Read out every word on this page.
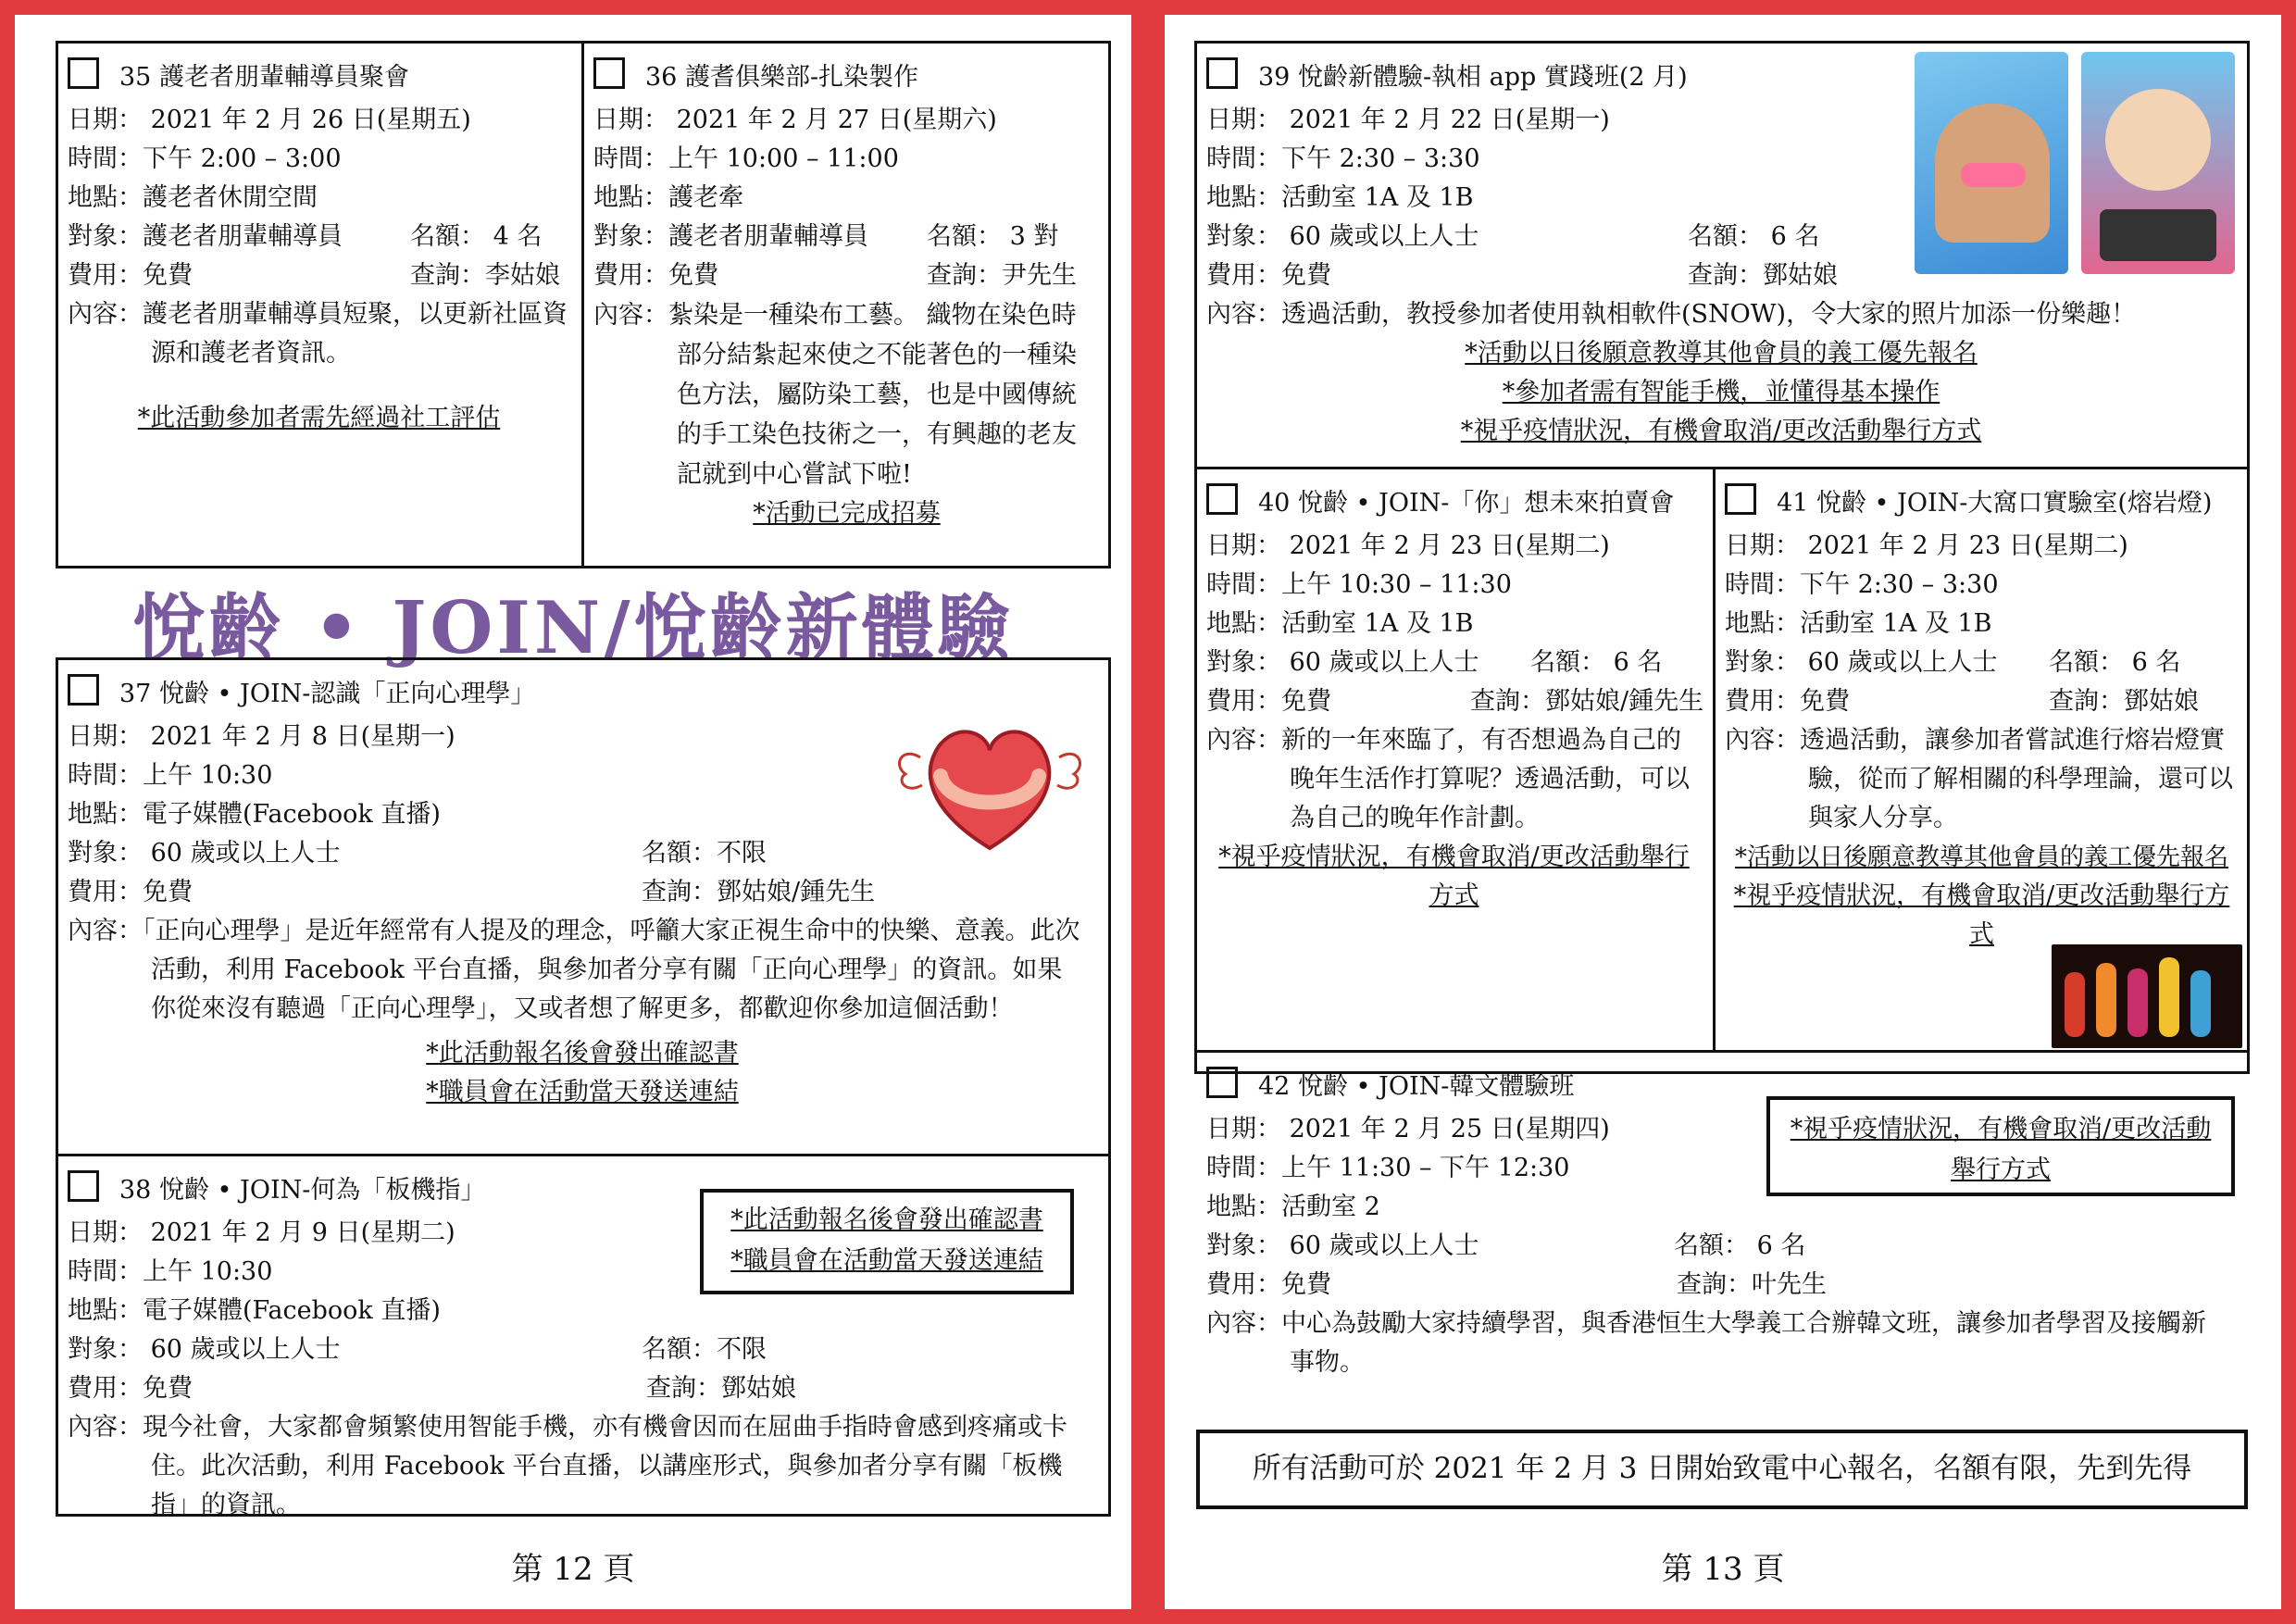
35 護老者朋輩輔導員聚會
日期： 2021 年 2 月 26 日(星期五)
時間：下午 2:00 – 3:00
地點：護老者休閒空間
對象：護老者朋輩輔導員	名額： 4 名
費用：免費	查詢：李姑娘
內容：護老者朋輩輔導員短聚，以更新社區資源和護老者資訊。
*此活動參加者需先經過社工評估
36 護耆俱樂部-扎染製作
日期： 2021 年 2 月 27 日(星期六)
時間：上午 10:00 – 11:00
地點：護老牽
對象：護老者朋輩輔導員 名額： 3 對
費用：免費	查詢：尹先生
內容：紮染是一種染布工藝。 織物在染色時部分結紮起來使之不能著色的一種染色方法，屬防染工藝，也是中國傳統的手工染色技術之一，有興趣的老友記就到中心嘗試下啦!
*活動已完成招募
悅齡 • JOIN/悅齡新體驗
37 悅齡 • JOIN-認識「正向心理學」
日期： 2021 年 2 月 8 日(星期一)
時間：上午 10:30
地點：電子媒體(Facebook 直播)
對象： 60 歲或以上人士	名額：不限
費用：免費	查詢：鄧姑娘/鍾先生
內容：「正向心理學」是近年經常有人提及的理念，呼籲大家正視生命中的快樂、意義。此次活動，利用 Facebook 平台直播，與參加者分享有關「正向心理學」的資訊。如果你從來沒有聽過「正向心理學」，又或者想了解更多，都歡迎你參加這個活動！
*此活動報名後會發出確認書
*職員會在活動當天發送連結
38 悅齡 • JOIN-何為「板機指」
日期： 2021 年 2 月 9 日(星期二)
時間：上午 10:30
地點：電子媒體(Facebook 直播)
對象： 60 歲或以上人士	名額：不限
費用：免費	查詢：鄧姑娘
內容：現今社會，大家都會頻繁使用智能手機，亦有機會因而在屈曲手指時會感到疼痛或卡住。此次活動，利用 Facebook 平台直播，以講座形式，與參加者分享有關「板機指」的資訊。
*此活動報名後會發出確認書
*職員會在活動當天發送連結
第 12 頁
39 悅齡新體驗-執相 app 實踐班(2 月)
日期： 2021 年 2 月 22 日(星期一)
時間：下午 2:30 – 3:30
地點：活動室 1A 及 1B
對象： 60 歲或以上人士	名額： 6 名
費用：免費	查詢：鄧姑娘
內容：透過活動，教授參加者使用執相軟件(SNOW)，令大家的照片加添一份樂趣！
*活動以日後願意教導其他會員的義工優先報名
*參加者需有智能手機，並懂得基本操作
*視乎疫情狀況，有機會取消/更改活動舉行方式
40 悅齡 • JOIN-「你」想未來拍賣會
日期： 2021 年 2 月 23 日(星期二)
時間：上午 10:30 – 11:30
地點：活動室 1A 及 1B
對象： 60 歲或以上人士 名額： 6 名
費用：免費	查詢：鄧姑娘/鍾先生
內容：新的一年來臨了，有否想過為自己的晚年生活作打算呢？透過活動，可以為自己的晚年作計劃。
*視乎疫情狀況，有機會取消/更改活動舉行方式
41 悅齡 • JOIN-大窩口實驗室(熔岩燈)
日期： 2021 年 2 月 23 日(星期二)
時間：下午 2:30 – 3:30
地點：活動室 1A 及 1B
對象： 60 歲或以上人士 名額： 6 名
費用：免費	查詢：鄧姑娘
內容：透過活動，讓參加者嘗試進行熔岩燈實驗，從而了解相關的科學理論，還可以與家人分享。
*活動以日後願意教導其他會員的義工優先報名
*視乎疫情狀況，有機會取消/更改活動舉行方式
42 悅齡 • JOIN-韓文體驗班
日期： 2021 年 2 月 25 日(星期四)
時間：上午 11:30 – 下午 12:30
地點：活動室 2
對象： 60 歲或以上人士	名額： 6 名
費用：免費	查詢：叶先生
內容：中心為鼓勵大家持續學習，與香港恒生大學義工合辦韓文班，讓參加者學習及接觸新事物。
*視乎疫情狀況，有機會取消/更改活動舉行方式
所有活動可於 2021 年 2 月 3 日開始致電中心報名，名額有限，先到先得
第 13 頁
